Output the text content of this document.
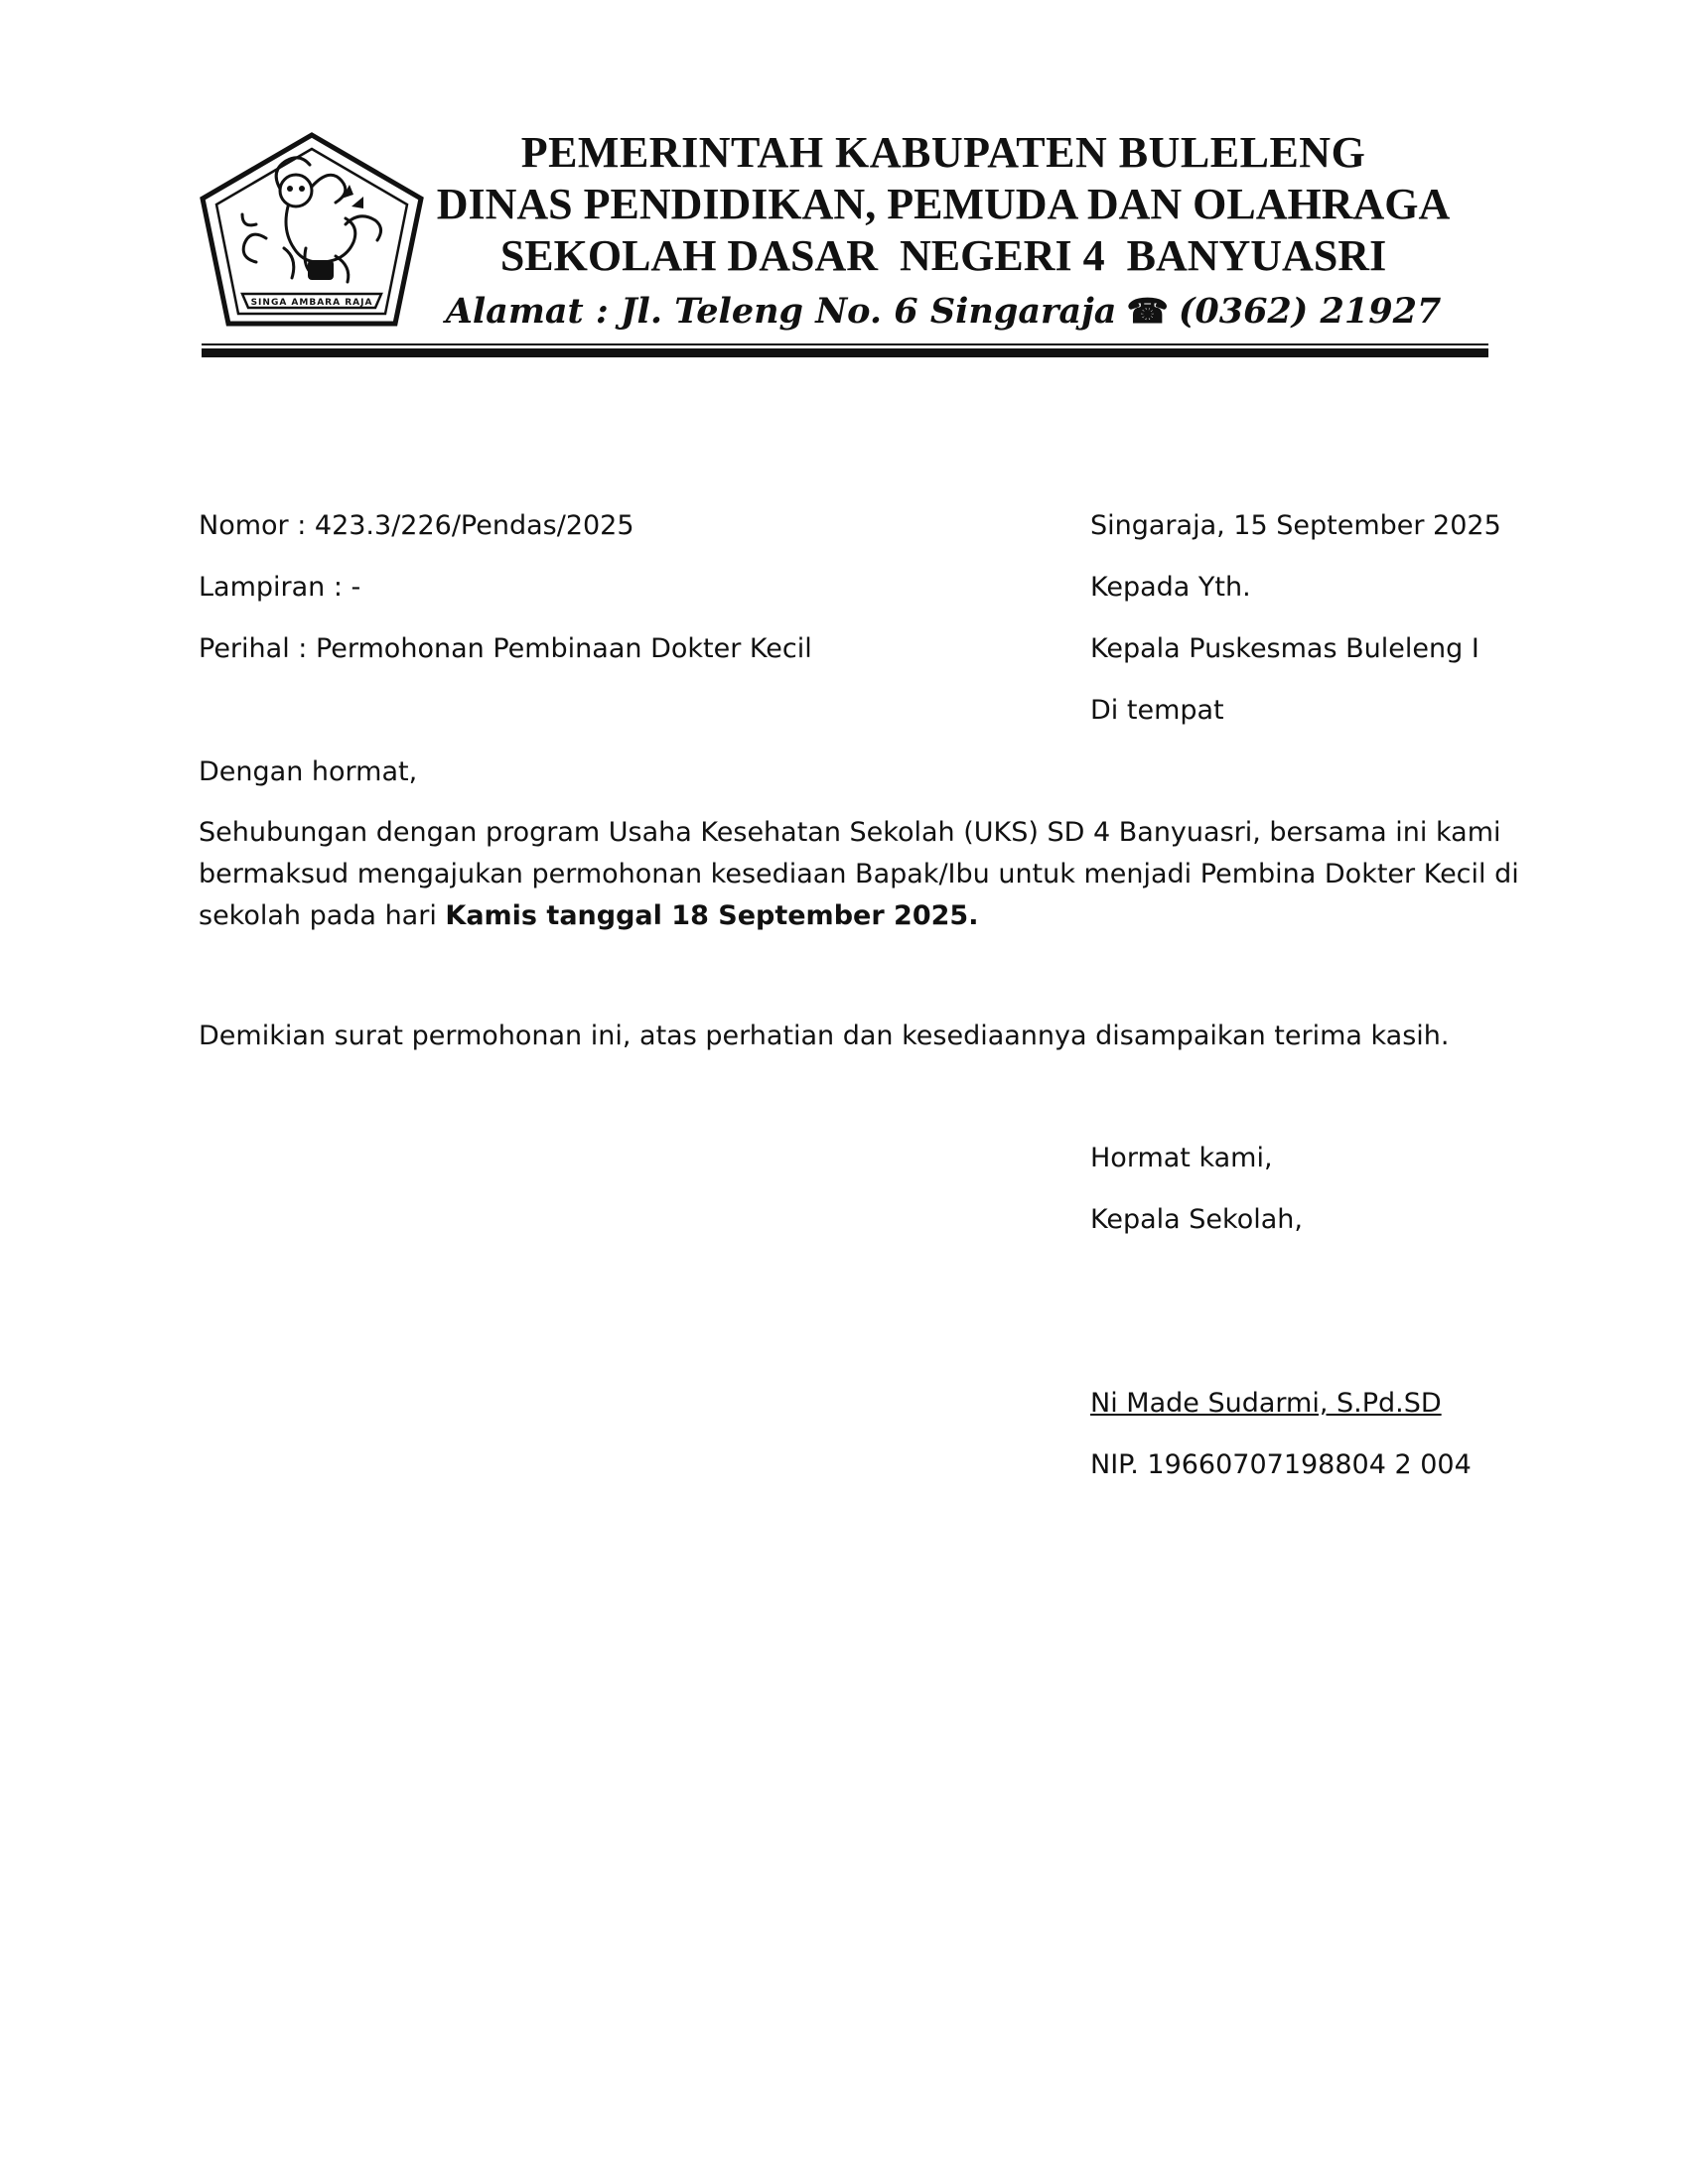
SINGA AMBARA RAJA
PEMERINTAH KABUPATEN BULELENG
DINAS PENDIDIKAN, PEMUDA DAN OLAHRAGA
SEKOLAH DASAR  NEGERI 4  BANYUASRI
Alamat : Jl. Teleng No. 6 Singaraja ☎ (0362) 21927
Nomor : 423.3/226/Pendas/2025
Lampiran : -
Perihal : Permohonan Pembinaan Dokter Kecil
Singaraja, 15 September 2025
Kepada Yth.
Kepala Puskesmas Buleleng I
Di tempat
Dengan hormat,
Sehubungan dengan program Usaha Kesehatan Sekolah (UKS) SD 4 Banyuasri, bersama ini kami
bermaksud mengajukan permohonan kesediaan Bapak/Ibu untuk menjadi Pembina Dokter Kecil di
sekolah pada hari Kamis tanggal 18 September 2025.
Demikian surat permohonan ini, atas perhatian dan kesediaannya disampaikan terima kasih.
Hormat kami,
Kepala Sekolah,
Ni Made Sudarmi, S.Pd.SD
NIP. 19660707198804 2 004
